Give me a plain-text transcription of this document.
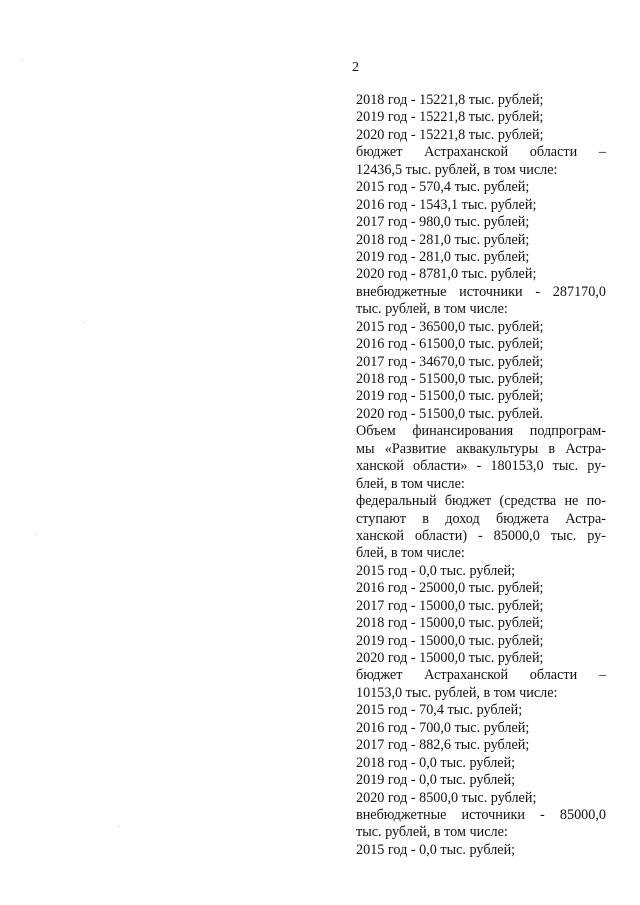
2
2018 год - 15221,8 тыс. рублей;
2019 год - 15221,8 тыс. рублей;
2020 год - 15221,8 тыс. рублей;
бюджет Астраханской области –
12436,5 тыс. рублей, в том числе:
2015 год - 570,4 тыс. рублей;
2016 год - 1543,1 тыс. рублей;
2017 год - 980,0 тыс. рублей;
2018 год - 281,0 тыс. рублей;
2019 год - 281,0 тыс. рублей;
2020 год - 8781,0 тыс. рублей;
внебюджетные источники - 287170,0
тыс. рублей, в том числе:
2015 год - 36500,0 тыс. рублей;
2016 год - 61500,0 тыс. рублей;
2017 год - 34670,0 тыс. рублей;
2018 год - 51500,0 тыс. рублей;
2019 год - 51500,0 тыс. рублей;
2020 год - 51500,0 тыс. рублей.
Объем финансирования подпрограм-
мы «Развитие аквакультуры в Астра-
ханской области» - 180153,0 тыс. ру-
блей, в том числе:
федеральный бюджет (средства не по-
ступают в доход бюджета Астра-
ханской области) - 85000,0 тыс. ру-
блей, в том числе:
2015 год - 0,0 тыс. рублей;
2016 год - 25000,0 тыс. рублей;
2017 год - 15000,0 тыс. рублей;
2018 год - 15000,0 тыс. рублей;
2019 год - 15000,0 тыс. рублей;
2020 год - 15000,0 тыс. рублей;
бюджет Астраханской области –
10153,0 тыс. рублей, в том числе:
2015 год - 70,4 тыс. рублей;
2016 год - 700,0 тыс. рублей;
2017 год - 882,6 тыс. рублей;
2018 год - 0,0 тыс. рублей;
2019 год - 0,0 тыс. рублей;
2020 год - 8500,0 тыс. рублей;
внебюджетные источники - 85000,0
тыс. рублей, в том числе:
2015 год - 0,0 тыс. рублей;
